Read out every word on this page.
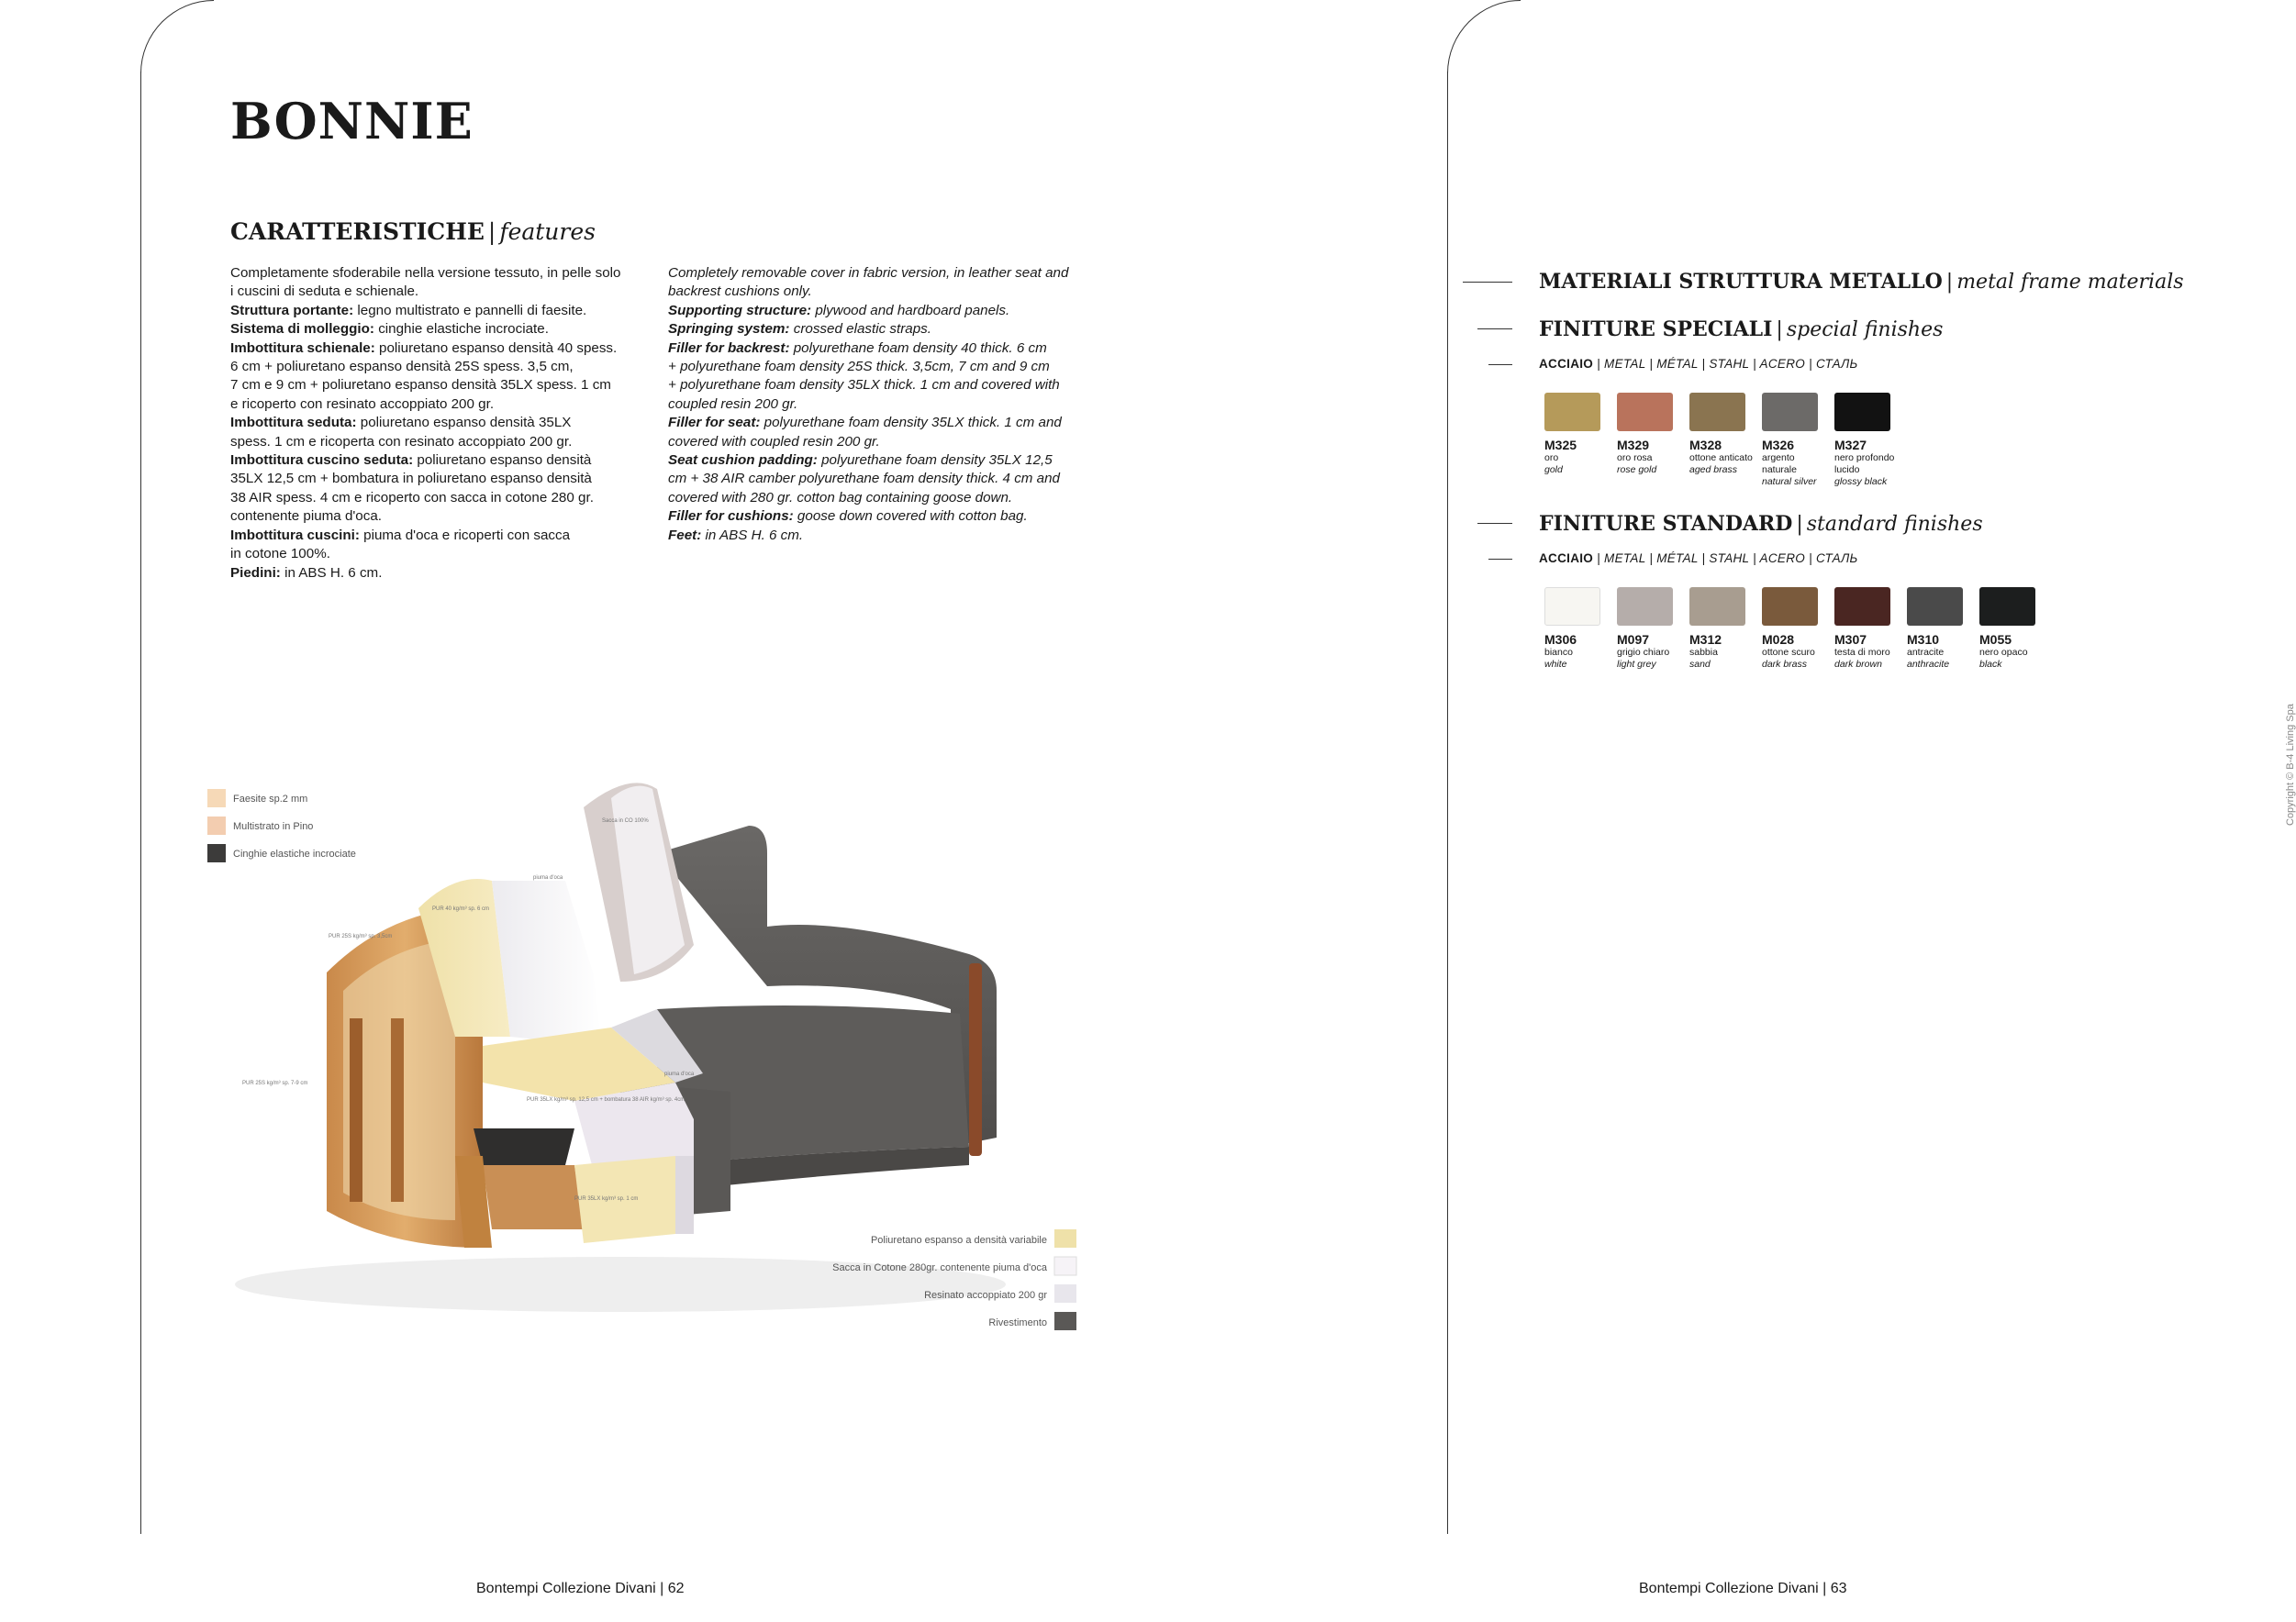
BONNIE
CARATTERISTICHE | features
Completamente sfoderabile nella versione tessuto, in pelle solo
i cuscini di seduta e schienale.
Struttura portante: legno multistrato e pannelli di faesite.
Sistema di molleggio: cinghie elastiche incrociate.
Imbottitura schienale: poliuretano espanso densità 40 spess.
6 cm + poliuretano espanso densità 25S spess. 3,5 cm,
7 cm e 9 cm + poliuretano espanso densità 35LX spess. 1 cm
e ricoperto con resinato accoppiato 200 gr.
Imbottitura seduta: poliuretano espanso densità 35LX
spess. 1 cm e ricoperta con resinato accoppiato 200 gr.
Imbottitura cuscino seduta: poliuretano espanso densità
35LX 12,5 cm + bombatura in poliuretano espanso densità
38 AIR spess. 4 cm e ricoperto con sacca in cotone 280 gr.
contenente piuma d'oca.
Imbottitura cuscini: piuma d'oca e ricoperti con sacca
in cotone 100%.
Piedini: in ABS H. 6 cm.
Completely removable cover in fabric version, in leather seat and
backrest cushions only.
Supporting structure: plywood and hardboard panels.
Springing system: crossed elastic straps.
Filler for backrest: polyurethane foam density 40 thick. 6 cm
+ polyurethane foam density 25S thick. 3,5cm, 7 cm and 9 cm
+ polyurethane foam density 35LX thick. 1 cm and covered with
coupled resin 200 gr.
Filler for seat: polyurethane foam density 35LX thick. 1 cm and
covered with coupled resin 200 gr.
Seat cushion padding: polyurethane foam density 35LX 12,5
cm + 38 AIR camber polyurethane foam density thick. 4 cm and
covered with 280 gr. cotton bag containing goose down.
Filler for cushions: goose down covered with cotton bag.
Feet: in ABS H. 6 cm.
Faesite sp.2 mm
Multistrato in Pino
Cinghie elastiche incrociate
Sacca in CO 100%
piuma d'oca
PUR 40 kg/m³ sp. 6 cm
PUR 25S kg/m³ sp. 3,5cm
PUR 25S kg/m³ sp. 7-9 cm
PUR 35LX kg/m³ sp. 12,5 cm + bombatura 38 AIR kg/m³ sp. 4cm
piuma d'oca
PUR 35LX kg/m³ sp. 1 cm
Poliuretano espanso a densità variabile
Sacca in Cotone 280gr. contenente piuma d'oca
Resinato accoppiato 200 gr
Rivestimento
MATERIALI STRUTTURA METALLO | metal frame materials
FINITURE SPECIALI | special finishes
ACCIAIO | METAL | MÉTAL | STAHL | ACERO | СТАЛЬ
M325
oro
gold
M329
oro rosa
rose gold
M328
ottone anticato
aged brass
M326
argento
naturale
natural silver
M327
nero profondo
lucido
glossy black
FINITURE STANDARD | standard finishes
ACCIAIO | METAL | MÉTAL | STAHL | ACERO | СТАЛЬ
M306
bianco
white
M097
grigio chiaro
light grey
M312
sabbia
sand
M028
ottone scuro
dark brass
M307
testa di moro
dark brown
M310
antracite
anthracite
M055
nero opaco
black
Copyright © B-4 Living Spa
Bontempi Collezione Divani | 62	Bontempi Collezione Divani | 63
